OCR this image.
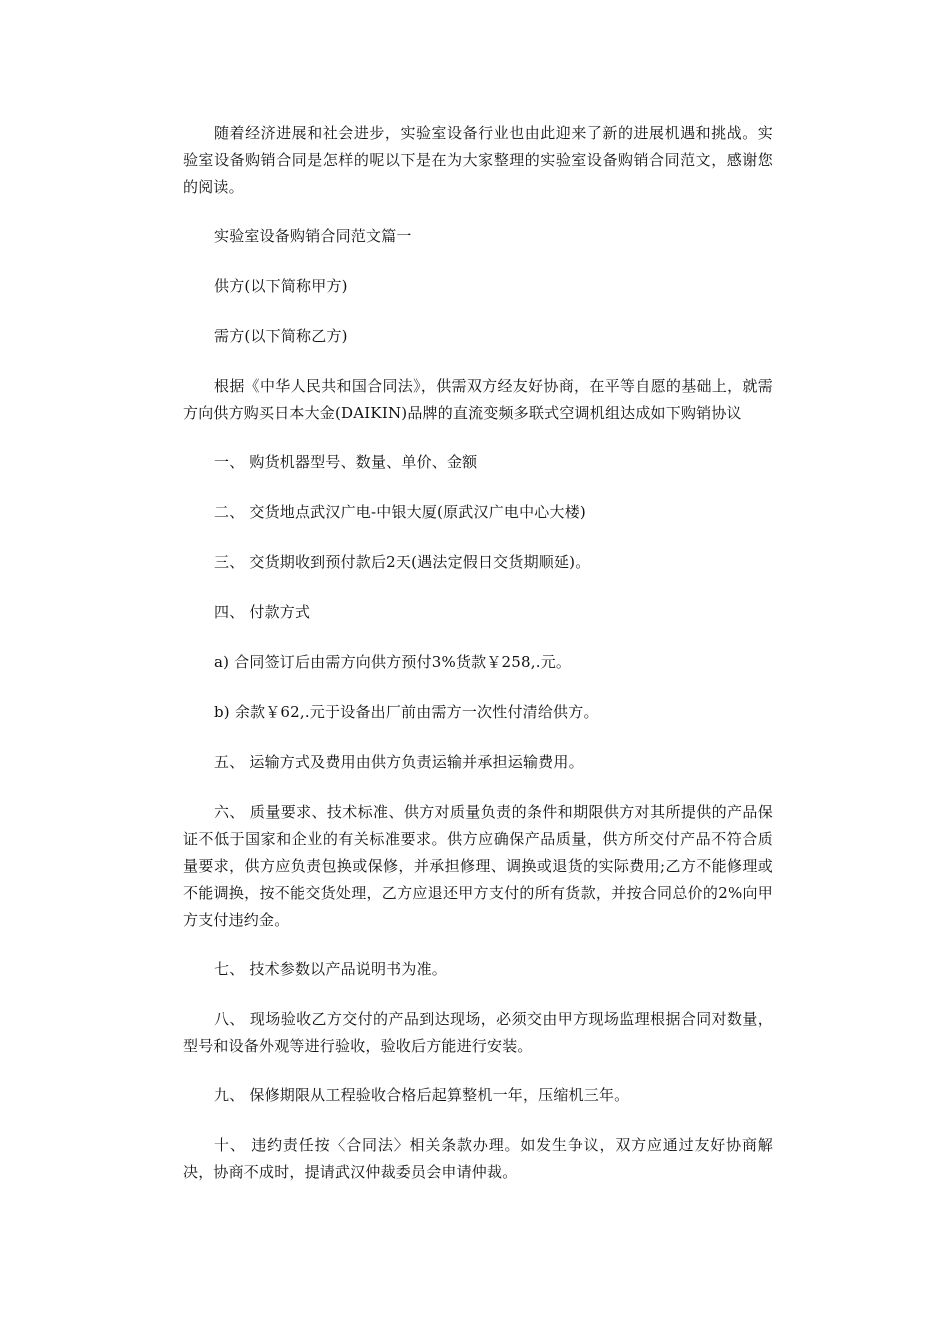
随着经济进展和社会进步，实验室设备行业也由此迎来了新的进展机遇和挑战。实验室设备购销合同是怎样的呢以下是在为大家整理的实验室设备购销合同范文，感谢您的阅读。

实验室设备购销合同范文篇一

供方(以下简称甲方)

需方(以下简称乙方)

根据《中华人民共和国合同法》，供需双方经友好协商，在平等自愿的基础上，就需方向供方购买日本大金(DAIKIN)品牌的直流变频多联式空调机组达成如下购销协议

一、 购货机器型号、数量、单价、金额

二、 交货地点武汉广电-中银大厦(原武汉广电中心大楼)

三、 交货期收到预付款后2天(遇法定假日交货期顺延)。

四、 付款方式

a) 合同签订后由需方向供方预付3%货款￥258,.元。

b) 余款￥62,.元于设备出厂前由需方一次性付清给供方。

五、 运输方式及费用由供方负责运输并承担运输费用。

六、 质量要求、技术标准、供方对质量负责的条件和期限供方对其所提供的产品保证不低于国家和企业的有关标准要求。供方应确保产品质量，供方所交付产品不符合质量要求，供方应负责包换或保修，并承担修理、调换或退货的实际费用;乙方不能修理或不能调换，按不能交货处理，乙方应退还甲方支付的所有货款，并按合同总价的2%向甲方支付违约金。

七、 技术参数以产品说明书为准。

八、 现场验收乙方交付的产品到达现场，必须交由甲方现场监理根据合同对数量，型号和设备外观等进行验收，验收后方能进行安装。

九、 保修期限从工程验收合格后起算整机一年，压缩机三年。

十、 违约责任按〈合同法〉相关条款办理。如发生争议，双方应通过友好协商解决，协商不成时，提请武汉仲裁委员会申请仲裁。
